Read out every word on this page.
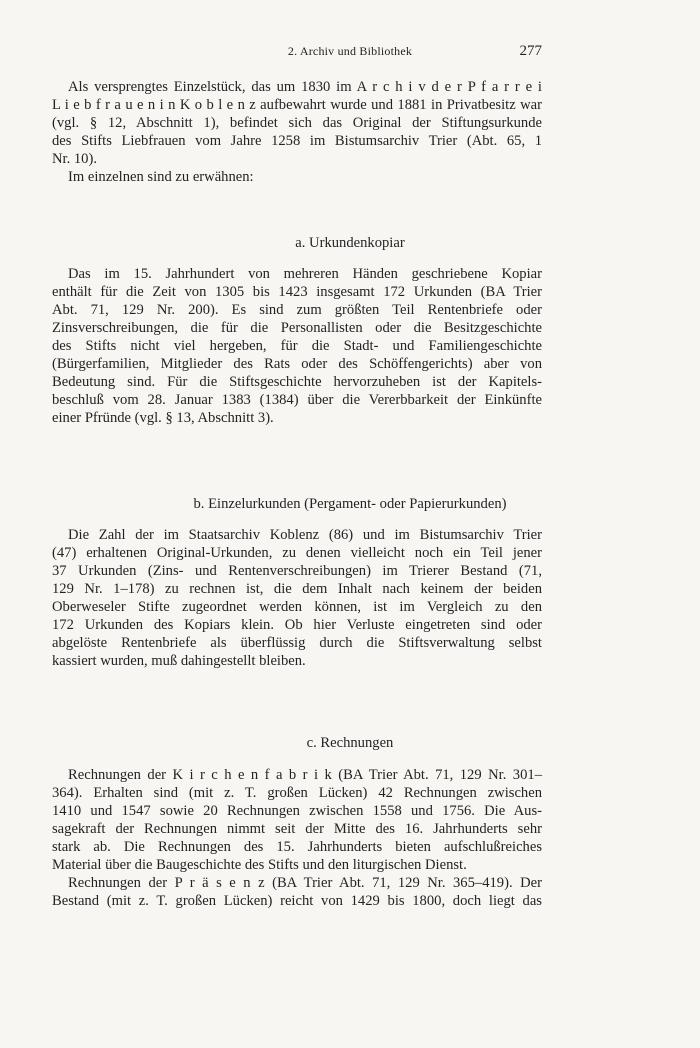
2. Archiv und Bibliothek	277
Als versprengtes Einzelstück, das um 1830 im A r c h i v d e r P f a r r e i
L i e b f r a u e n i n K o b l e n z aufbewahrt wurde und 1881 in Privatbesitz war
(vgl. § 12, Abschnitt 1), befindet sich das Original der Stiftungsurkunde
des Stifts Liebfrauen vom Jahre 1258 im Bistumsarchiv Trier (Abt. 65, 1
Nr. 10).
Im einzelnen sind zu erwähnen:
a. Urkundenkopiar
Das im 15. Jahrhundert von mehreren Händen geschriebene Kopiar
enthält für die Zeit von 1305 bis 1423 insgesamt 172 Urkunden (BA Trier
Abt. 71, 129 Nr. 200). Es sind zum größten Teil Rentenbriefe oder
Zinsverschreibungen, die für die Personallisten oder die Besitzgeschichte
des Stifts nicht viel hergeben, für die Stadt- und Familiengeschichte
(Bürgerfamilien, Mitglieder des Rats oder des Schöffengerichts) aber von
Bedeutung sind. Für die Stiftsgeschichte hervorzuheben ist der Kapitels-
beschluß vom 28. Januar 1383 (1384) über die Vererbbarkeit der Einkünfte
einer Pfründe (vgl. § 13, Abschnitt 3).
b. Einzelurkunden (Pergament- oder Papierurkunden)
Die Zahl der im Staatsarchiv Koblenz (86) und im Bistumsarchiv Trier
(47) erhaltenen Original-Urkunden, zu denen vielleicht noch ein Teil jener
37 Urkunden (Zins- und Rentenverschreibungen) im Trierer Bestand (71,
129 Nr. 1–178) zu rechnen ist, die dem Inhalt nach keinem der beiden
Oberweseler Stifte zugeordnet werden können, ist im Vergleich zu den
172 Urkunden des Kopiars klein. Ob hier Verluste eingetreten sind oder
abgelöste Rentenbriefe als überflüssig durch die Stiftsverwaltung selbst
kassiert wurden, muß dahingestellt bleiben.
c. Rechnungen
Rechnungen der K i r c h e n f a b r i k (BA Trier Abt. 71, 129 Nr. 301–
364). Erhalten sind (mit z. T. großen Lücken) 42 Rechnungen zwischen
1410 und 1547 sowie 20 Rechnungen zwischen 1558 und 1756. Die Aus-
sagekraft der Rechnungen nimmt seit der Mitte des 16. Jahrhunderts sehr
stark ab. Die Rechnungen des 15. Jahrhunderts bieten aufschlußreiches
Material über die Baugeschichte des Stifts und den liturgischen Dienst.
Rechnungen der P r ä s e n z (BA Trier Abt. 71, 129 Nr. 365–419). Der
Bestand (mit z. T. großen Lücken) reicht von 1429 bis 1800, doch liegt das
